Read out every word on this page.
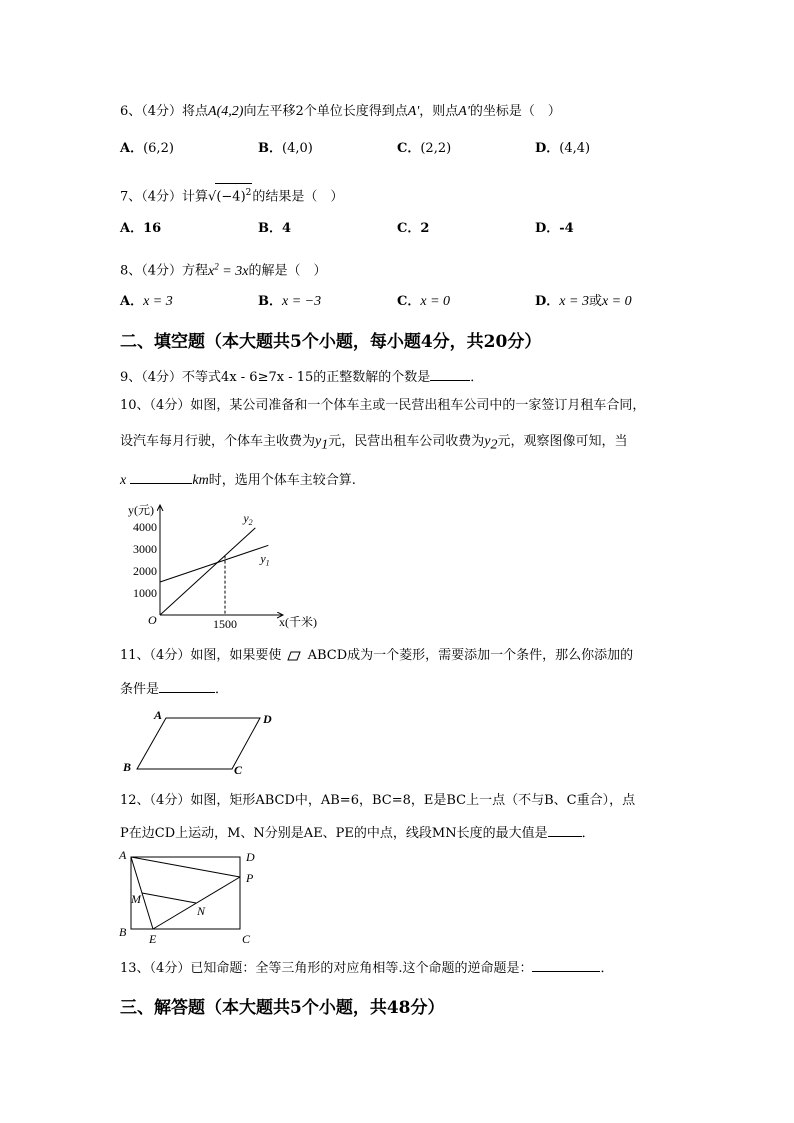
6、（4分）将点A(4,2)向左平移2个单位长度得到点A'，则点A'的坐标是（　）
A．(6,2)	B．(4,0)	C．(2,2)	D．(4,4)
7、（4分）计算$√(-4)^2$的结果是（　）
A．16	B．4	C．2	D．-4
8、（4分）方程$x^2 = 3x$的解是（　）
A．x = 3	B．x = −3	C．x = 0	D．x = 3或x = 0
二、填空题（本大题共5个小题，每小题4分，共20分）
9、（4分）不等式4x - 6≥7x - 15的正整数解的个数是	．
10、（4分）如图，某公司准备和一个体车主或一民营出租车公司中的一家签订月租车合同，
设汽车每月行驶，个体车主收费为$y_1$元，民营出租车公司收费为$y_2$元，观察图像可知，当
x	km时，选用个体车主较合算.
y(元)
x(千米)
O
1000
2000
3000
4000
1500
$y_2$
$y_1$
11、（4分）如图，如果要使 ABCD成为一个菱形，需要添加一个条件，那么你添加的
条件是	．
A	D
B	C
12、（4分）如图，矩形ABCD中，AB=6，BC=8，E是BC上一点（不与B、C重合），点
P在边CD上运动，M、N分别是AE、PE的中点，线段MN长度的最大值是	．
A	D
P
M
N
B E	C
13、（4分）已知命题：全等三角形的对应角相等.这个命题的逆命题是：	．
三、解答题（本大题共5个小题，共48分）
